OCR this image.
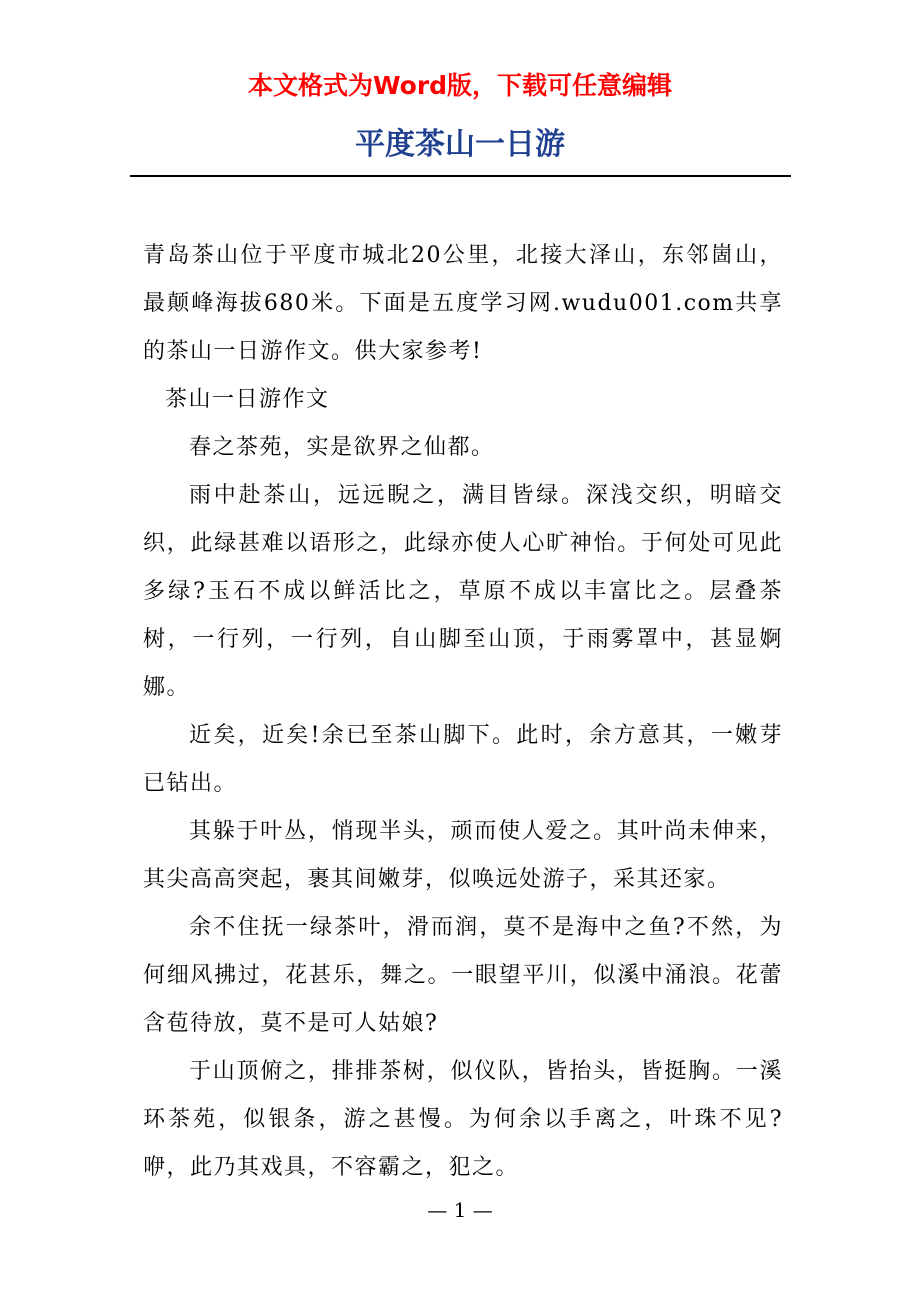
本文格式为Word版，下载可任意编辑
平度茶山一日游

青岛茶山位于平度市城北20公里，北接大泽山，东邻崮山，最颠峰海拔680米。下面是五度学习网.wudu001.com共享的茶山一日游作文。供大家参考!

茶山一日游作文

春之茶苑，实是欲界之仙都。

雨中赴茶山，远远睨之，满目皆绿。深浅交织，明暗交织，此绿甚难以语形之，此绿亦使人心旷神怡。于何处可见此多绿?玉石不成以鲜活比之，草原不成以丰富比之。层叠茶树，一行列，一行列，自山脚至山顶，于雨雾罩中，甚显婀娜。

近矣，近矣!余已至茶山脚下。此时，余方意其，一嫩芽已钻出。

其躲于叶丛，悄现半头，顽而使人爱之。其叶尚未伸来，其尖高高突起，裹其间嫩芽，似唤远处游子，采其还家。

余不住抚一绿茶叶，滑而润，莫不是海中之鱼?不然，为何细风拂过，花甚乐，舞之。一眼望平川，似溪中涌浪。花蕾含苞待放，莫不是可人姑娘?

于山顶俯之，排排茶树，似仪队，皆抬头，皆挺胸。一溪环茶苑，似银条，游之甚慢。为何余以手离之，叶珠不见?咿，此乃其戏具，不容霸之，犯之。

— 1 —
